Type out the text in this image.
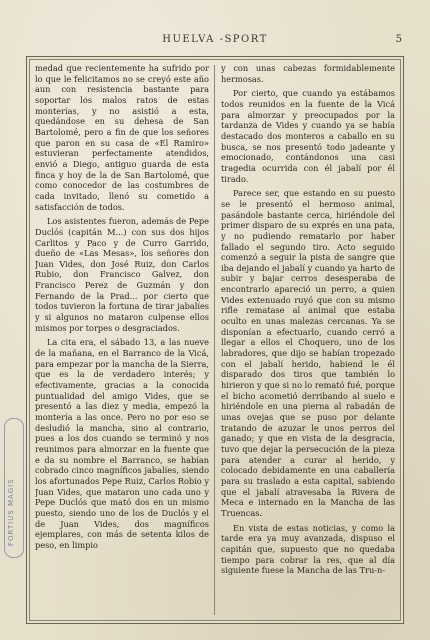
HUELVA -SPORT	5

medad que recientemente ha sufrido por lo que le felicitamos no se creyó este año aun con resistencia bastante para soportar los malos ratos de estas monterías, y no asistió a esta, quedándose en su dehesa de San Bartolomé, pero a fin de que los señores que paron en su casa de «El Ramiro» estuvieran perfectamente atendidos, envió a Diego, antiguo guarda de esta finca y hoy de la de San Bartolomé, que como conocedor de las costumbres de cada invitado, llenó su cometido a satisfacción de todos.

Los asistentes fueron, además de Pepe Duclós (capitán M...) con sus dos hijos Carlitos y Paco y de Curro Garrido, dueño de «Las Mesas», los señores don Juan Vides, don José Ruiz, don Carlos Rubio, don Francisco Galvez, don Francisco Perez de Guzmán y don Fernando de la Prad... por cierto que todos tuvieron la fortuna de tirar jabalíes y si algunos no mataron culpense ellos mismos por torpes o desgraciados.

La cita era, el sábado 13, a las nueve de la mañana, en el Barranco de la Vicá, para empezar por la mancha de la Sierra, que es la de verdadero interés; y efectivamente, gracias a la conocida puntualidad del amigo Vides, que se presentó a las diez y media, empezó la montería a las once. Pero no por eso se desludió la mancha, sino al contrario, pues a los dos cuando se terminó y nos reunimos para almorzar en la fuente que e da su nombre el Barranco, se habían cobrado cinco magníficos jabalíes, siendo los afortunados Pepe Ruiz, Carlos Robio y Juan Vides, que mataron uno cada uno y Pepe Duclós que mató dos en un mismo puesto, siendo uno de los de Duclós y el de Juan Vides, dos magníficos ejemplares, con más de setenta kilos de peso, en limpio

y con unas cabezas formidablemente hermosas.

Por cierto, que cuando ya estábamos todos reunidos en la fuente de la Vicá para almorzar y preocupados por la tardanza de Vides y cuando ya se había destacado dos monteros a caballo en su busca, se nos presentó todo jadeante y emocionado, contándonos una casi tragedia ocurrida con él jabalí por él tirado.

Parece ser, que estando en su puesto se le presentó el hermoso animal, pasándole bastante cerca, hiriéndole del primer disparo de su exprés en una pata, y no pudiendo rematarlo por haber fallado el segundo tiro. Acto seguido comenzó a seguir la pista de sangre que iba dejando el jabalí y cuando ya harto de subir y bajar cerros desesperaba de encontrarlo apareció un perro, a quien Vides extenuado ruyó que con su mismo rifle rematase al animal que estaba oculto en unas malezas cercanas. Ya se disponían a efectuarlo, cuando cerró a llegar a ellos el Choquero, uno de los labradores, que dijo se habían tropezado con el jabalí herido, habiend le él disparado dos tiros que también lo hirieron y que si no lo remató fué, porque el bicho acometió derribando al suelo e hiriéndole en una pierna al rabadán de unas ovejas que se puso por delante tratando de azuzar le unos perros del ganado; y que en vista de la desgracia, tuvo que dejar la persecución de la pieza para atender a curar al herido, y colocado debidamente en una caballería para su traslado a esta capital, sabiendo que el jabalí atravesaba la Rivera de Meca e internado en la Mancha de las Truencas.

En vista de estas noticias, y como la tarde era ya muy avanzada, dispuso el capitán que, supuesto que no quedaba tiempo para cobrar la res, que al día siguiente fuese la Mancha de las Tru-n-

FORTIUS MAGIS
